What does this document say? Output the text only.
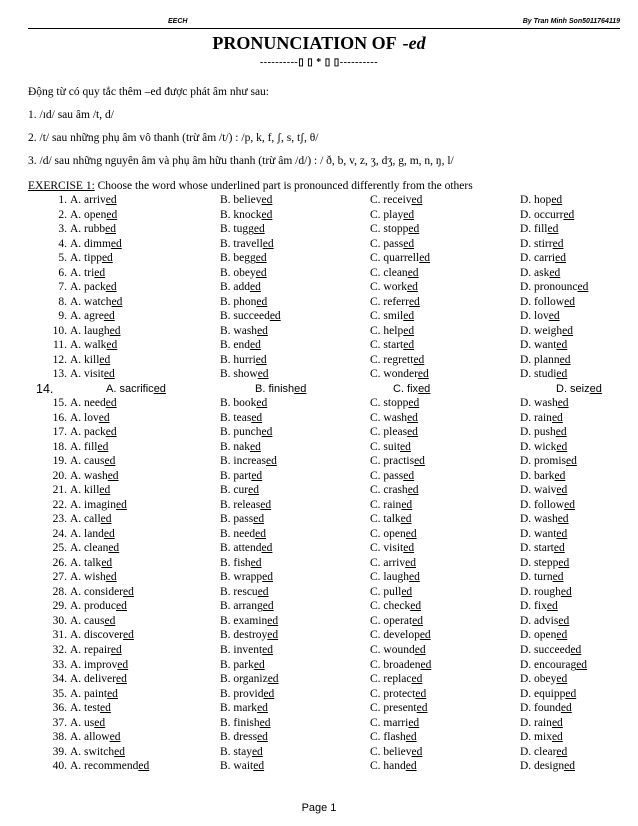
EECH	By Tran Minh Son5011764119
PRONUNCIATION OF -ed
----------▯ ▯ * ▯ ▯----------
Động từ có quy tắc thêm –ed được phát âm như sau:
1. /ɪd/ sau âm /t, d/
2. /t/ sau những phụ âm vô thanh (trừ âm /t/) : /p, k, f, ʃ, s, tʃ, θ/
3. /d/ sau những nguyên âm và phụ âm hữu thanh (trừ âm /d/) : / ð, b, v, z, ʒ, dʒ, g, m, n, ŋ, l/
EXERCISE 1: Choose the word whose underlined part is pronounced differently from the others
1. A. arrived	B. believed	C. received	D. hoped
2. A. opened	B. knocked	C. played	D. occurred
3. A. rubbed	B. tugged	C. stopped	D. filled
4. A. dimmed	B. travelled	C. passed	D. stirred
5. A. tipped	B. begged	C. quarrelled	D. carried
6. A. tried	B. obeyed	C. cleaned	D. asked
7. A. packed	B. added	C. worked	D. pronounced
8. A. watched	B. phoned	C. referred	D. followed
9. A. agreed	B. succeeded	C. smiled	D. loved
10. A. laughed	B. washed	C. helped	D. weighed
11. A. walked	B. ended	C. started	D. wanted
12. A. killed	B. hurried	C. regretted	D. planned
13. A. visited	B. showed	C. wondered	D. studied
14.	A. sacrificed	B. finished	C. fixed	D. seized
15. A. needed	B. booked	C. stopped	D. washed
16. A. loved	B. teased	C. washed	D. rained
17. A. packed	B. punched	C. pleased	D. pushed
18. A. filled	B. naked	C. suited	D. wicked
19. A. caused	B. increased	C. practised	D. promised
20. A. washed	B. parted	C. passed	D. barked
21. A. killed	B. cured	C. crashed	D. waived
22. A. imagined	B. released	C. rained	D. followed
23. A. called	B. passed	C. talked	D. washed
24. A. landed	B. needed	C. opened	D. wanted
25. A. cleaned	B. attended	C. visited	D. started
26. A. talked	B. fished	C. arrived	D. stepped
27. A. wished	B. wrapped	C. laughed	D. turned
28. A. considered	B. rescued	C. pulled	D. roughed
29. A. produced	B. arranged	C. checked	D. fixed
30. A. caused	B. examined	C. operated	D. advised
31. A. discovered	B. destroyed	C. developed	D. opened
32. A. repaired	B. invented	C. wounded	D. succeeded
33. A. improved	B. parked	C. broadened	D. encouraged
34. A. delivered	B. organized	C. replaced	D. obeyed
35. A. painted	B. provided	C. protected	D. equipped
36. A. tested	B. marked	C. presented	D. founded
37. A. used	B. finished	C. married	D. rained
38. A. allowed	B. dressed	C. flashed	D. mixed
39. A. switched	B. stayed	C. believed	D. cleared
40. A. recommended	B. waited	C. handed	D. designed
Page 1
